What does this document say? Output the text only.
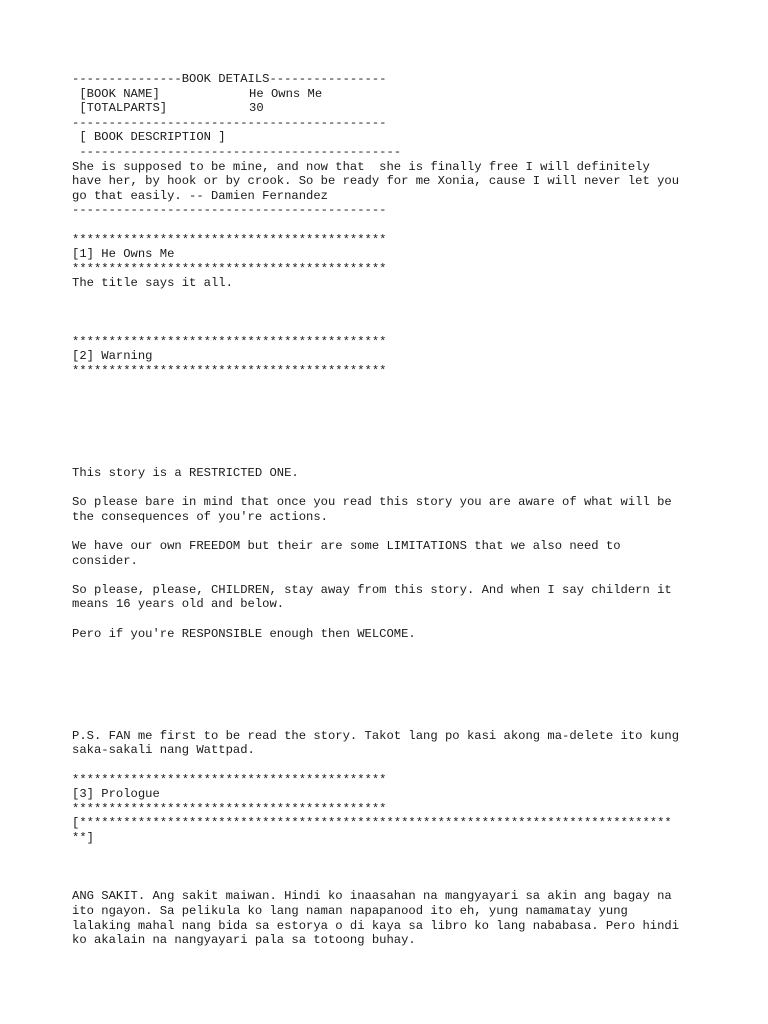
---------------BOOK DETAILS----------------
[BOOK NAME]	He Owns Me
[TOTALPARTS]	30
-------------------------------------------
[ BOOK DESCRIPTION ]
--------------------------------------------
She is supposed to be mine, and now that  she is finally free I will definitely
have her, by hook or by crook. So be ready for me Xonia, cause I will never let you
go that easily. -- Damien Fernandez
-------------------------------------------
*******************************************
[1] He Owns Me
*******************************************
The title says it all.
*******************************************
[2] Warning
*******************************************
This story is a RESTRICTED ONE.
So please bare in mind that once you read this story you are aware of what will be
the consequences of you're actions.
We have our own FREEDOM but their are some LIMITATIONS that we also need to
consider.
So please, please, CHILDREN, stay away from this story. And when I say childern it
means 16 years old and below.
Pero if you're RESPONSIBLE enough then WELCOME.
P.S. FAN me first to be read the story. Takot lang po kasi akong ma-delete ito kung
saka-sakali nang Wattpad.
*******************************************
[3] Prologue
*******************************************
[*********************************************************************************
**]
ANG SAKIT. Ang sakit maiwan. Hindi ko inaasahan na mangyayari sa akin ang bagay na
ito ngayon. Sa pelikula ko lang naman napapanood ito eh, yung namamatay yung
lalaking mahal nang bida sa estorya o di kaya sa libro ko lang nababasa. Pero hindi
ko akalain na nangyayari pala sa totoong buhay.
